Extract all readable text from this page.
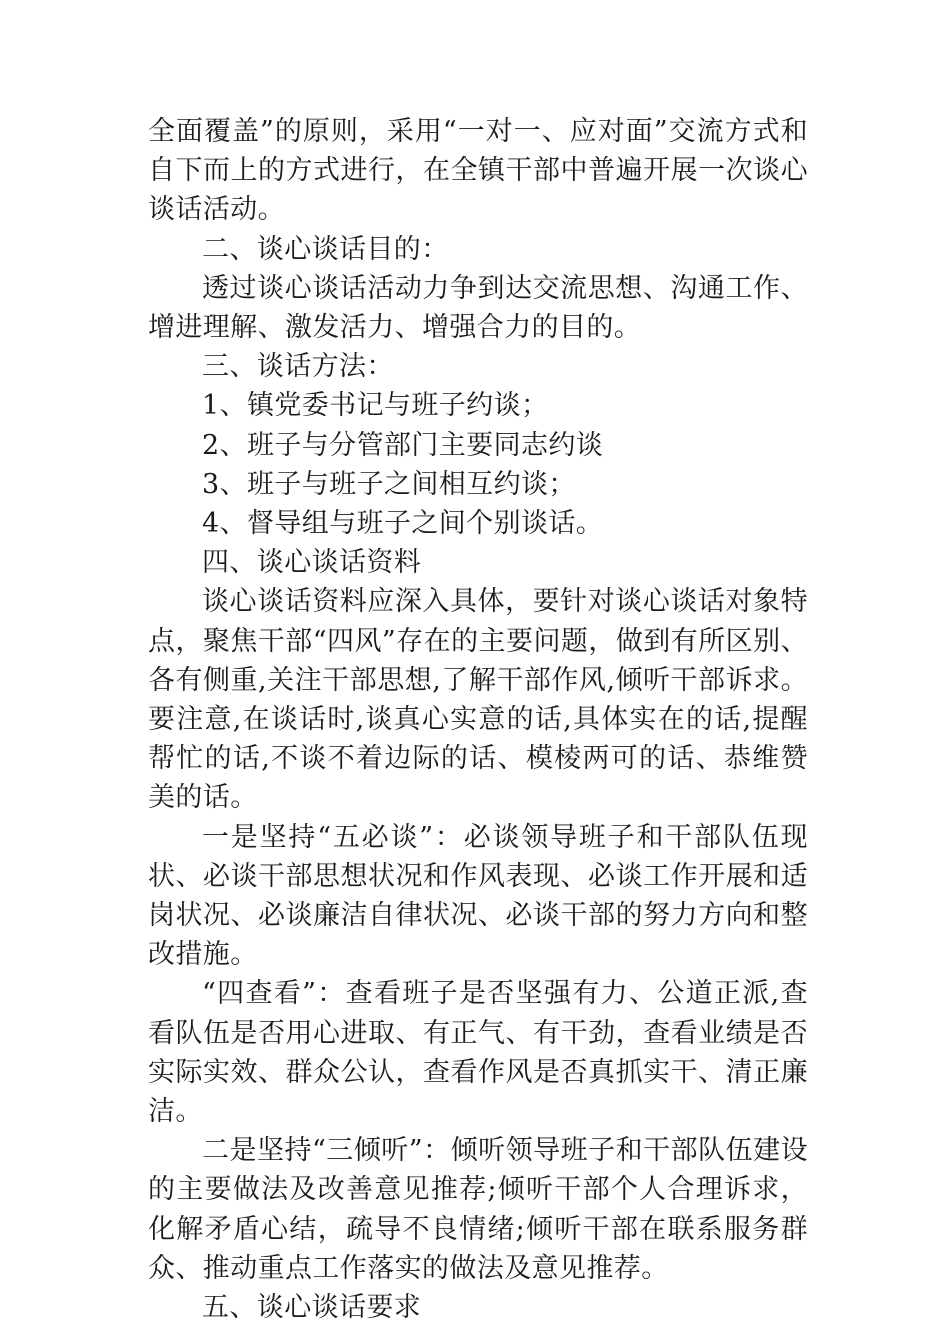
全面覆盖”的原则，采用“一对一、应对面”交流方式和自下而上的方式进行，在全镇干部中普遍开展一次谈心谈话活动。

二、谈心谈话目的：

透过谈心谈话活动力争到达交流思想、沟通工作、增进理解、激发活力、增强合力的目的。

三、谈话方法：

1、镇党委书记与班子约谈；

2、班子与分管部门主要同志约谈

3、班子与班子之间相互约谈；

4、督导组与班子之间个别谈话。

四、谈心谈话资料

谈心谈话资料应深入具体，要针对谈心谈话对象特点，聚焦干部“四风”存在的主要问题，做到有所区别、各有侧重,关注干部思想,了解干部作风,倾听干部诉求。要注意,在谈话时,谈真心实意的话,具体实在的话,提醒帮忙的话,不谈不着边际的话、模棱两可的话、恭维赞美的话。

一是坚持“五必谈”：必谈领导班子和干部队伍现状、必谈干部思想状况和作风表现、必谈工作开展和适岗状况、必谈廉洁自律状况、必谈干部的努力方向和整改措施。

“四查看”：查看班子是否坚强有力、公道正派,查看队伍是否用心进取、有正气、有干劲，查看业绩是否实际实效、群众公认，查看作风是否真抓实干、清正廉洁。

二是坚持“三倾听”：倾听领导班子和干部队伍建设的主要做法及改善意见推荐;倾听干部个人合理诉求，化解矛盾心结，疏导不良情绪;倾听干部在联系服务群众、推动重点工作落实的做法及意见推荐。

五、谈心谈话要求
